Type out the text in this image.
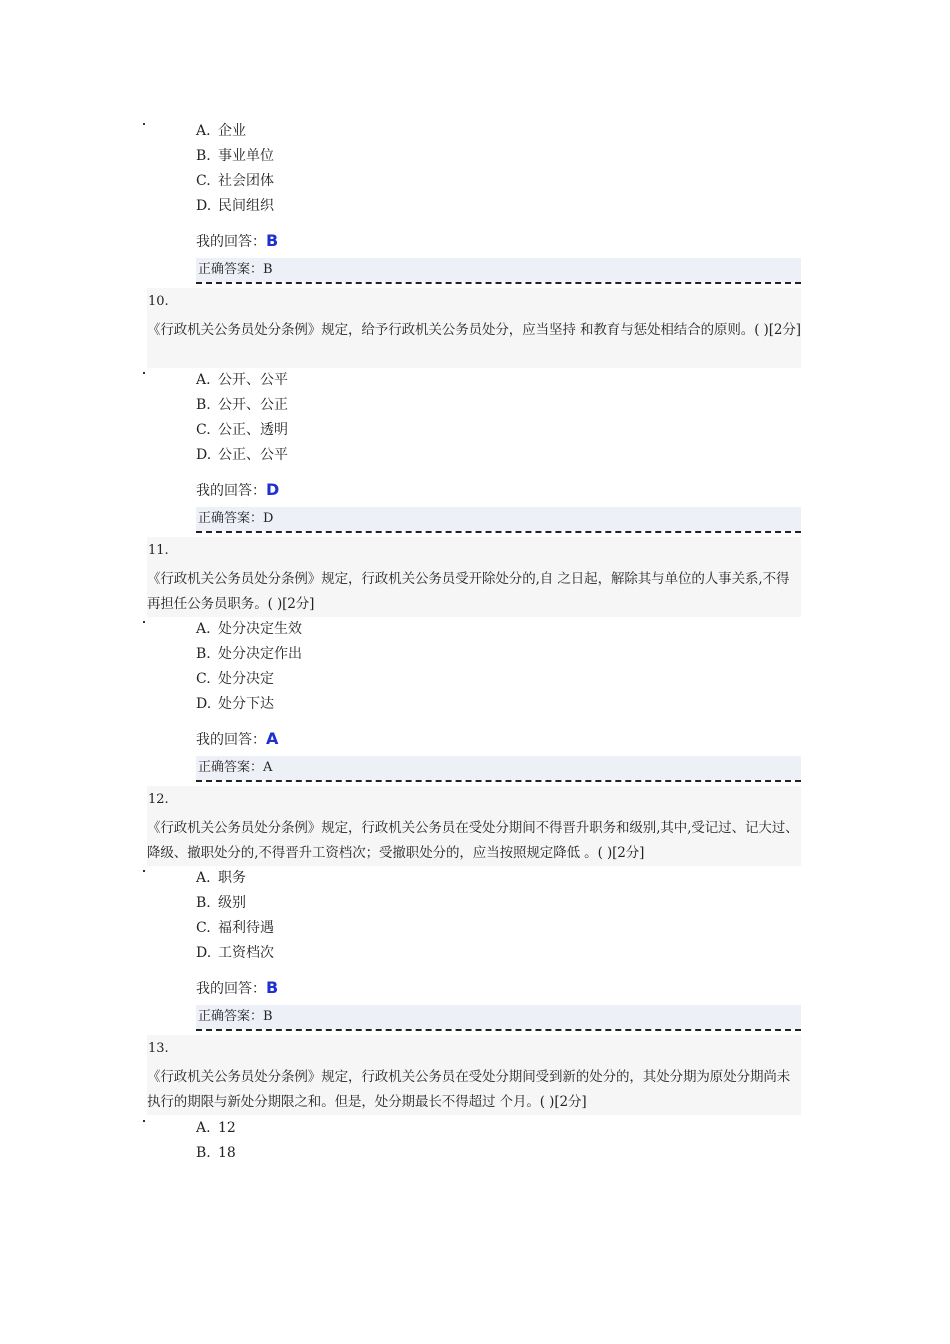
A. 企业
B. 事业单位
C. 社会团体
D. 民间组织
我的回答：B
正确答案：B
10.
《行政机关公务员处分条例》规定，给予行政机关公务员处分，应当坚持 和教育与惩处相结合的原则。( )[2分]
A. 公开、公平
B. 公开、公正
C. 公正、透明
D. 公正、公平
我的回答：D
正确答案：D
11.
《行政机关公务员处分条例》规定，行政机关公务员受开除处分的,自 之日起，解除其与单位的人事关系,不得再担任公务员职务。( )[2分]
A. 处分决定生效
B. 处分决定作出
C. 处分决定
D. 处分下达
我的回答：A
正确答案：A
12.
《行政机关公务员处分条例》规定，行政机关公务员在受处分期间不得晋升职务和级别,其中,受记过、记大过、降级、撤职处分的,不得晋升工资档次；受撤职处分的，应当按照规定降低 。( )[2分]
A. 职务
B. 级别
C. 福利待遇
D. 工资档次
我的回答：B
正确答案：B
13.
《行政机关公务员处分条例》规定，行政机关公务员在受处分期间受到新的处分的，其处分期为原处分期尚未执行的期限与新处分期限之和。但是，处分期最长不得超过 个月。( )[2分]
A. 12
B. 18
